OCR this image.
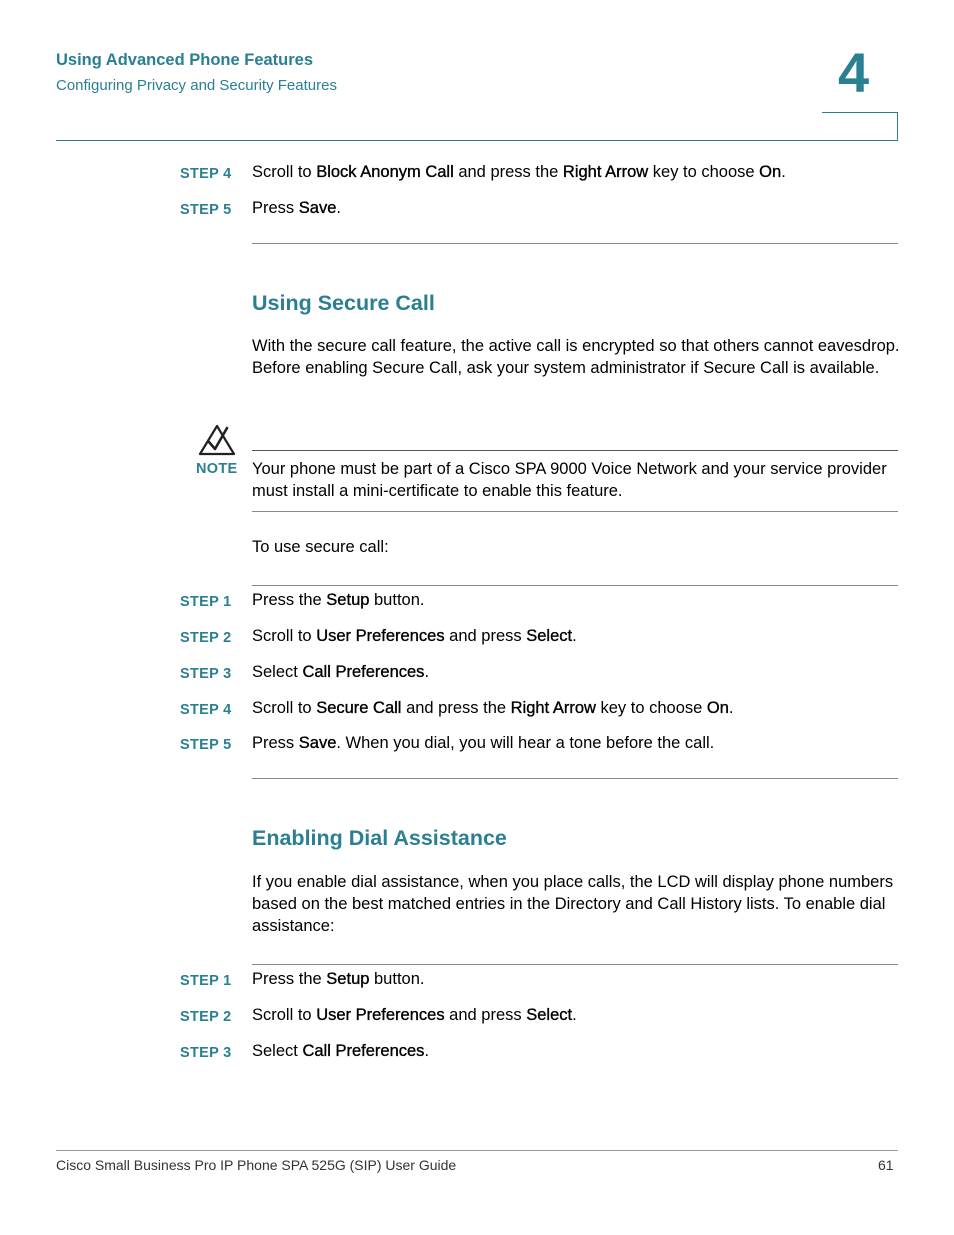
Using Advanced Phone Features
Configuring Privacy and Security Features	4
STEP 4 Scroll to Block Anonym Call and press the Right Arrow key to choose On.
STEP 5 Press Save.
Using Secure Call
With the secure call feature, the active call is encrypted so that others cannot eavesdrop. Before enabling Secure Call, ask your system administrator if Secure Call is available.
NOTE Your phone must be part of a Cisco SPA 9000 Voice Network and your service provider must install a mini-certificate to enable this feature.
To use secure call:
STEP 1 Press the Setup button.
STEP 2 Scroll to User Preferences and press Select.
STEP 3 Select Call Preferences.
STEP 4 Scroll to Secure Call and press the Right Arrow key to choose On.
STEP 5 Press Save. When you dial, you will hear a tone before the call.
Enabling Dial Assistance
If you enable dial assistance, when you place calls, the LCD will display phone numbers based on the best matched entries in the Directory and Call History lists. To enable dial assistance:
STEP 1 Press the Setup button.
STEP 2 Scroll to User Preferences and press Select.
STEP 3 Select Call Preferences.
Cisco Small Business Pro IP Phone SPA 525G (SIP) User Guide	61
